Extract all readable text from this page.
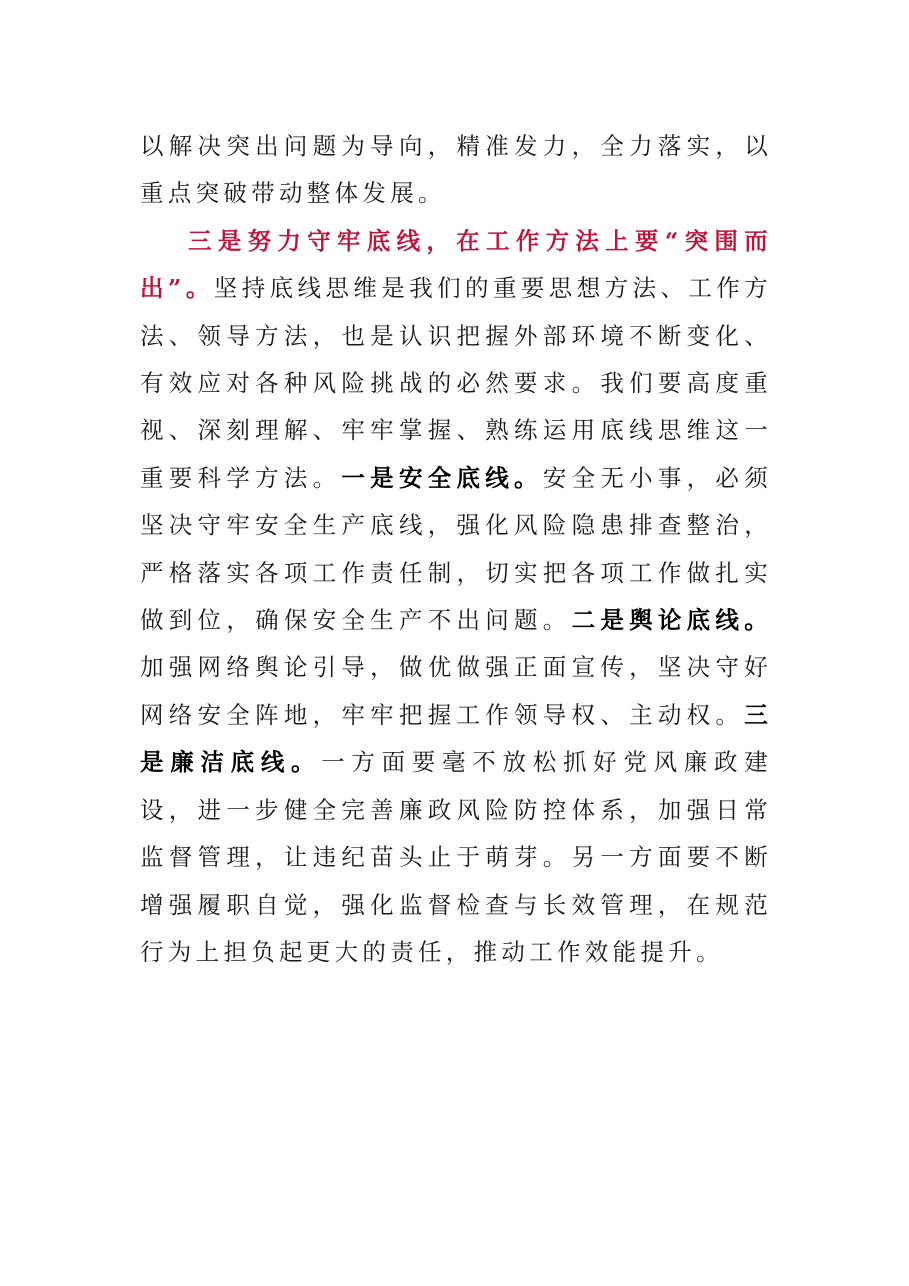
以解决突出问题为导向，精准发力，全力落实，以重点突破带动整体发展。

三是努力守牢底线，在工作方法上要“突围而出”。坚持底线思维是我们的重要思想方法、工作方法、领导方法，也是认识把握外部环境不断变化、有效应对各种风险挑战的必然要求。我们要高度重视、深刻理解、牢牢掌握、熟练运用底线思维这一重要科学方法。一是安全底线。安全无小事，必须坚决守牢安全生产底线，强化风险隐患排查整治，严格落实各项工作责任制，切实把各项工作做扎实做到位，确保安全生产不出问题。二是舆论底线。加强网络舆论引导，做优做强正面宣传，坚决守好网络安全阵地，牢牢把握工作领导权、主动权。三是廉洁底线。一方面要毫不放松抓好党风廉政建设，进一步健全完善廉政风险防控体系，加强日常监督管理，让违纪苗头止于萌芽。另一方面要不断增强履职自觉，强化监督检查与长效管理，在规范行为上担负起更大的责任，推动工作效能提升。
